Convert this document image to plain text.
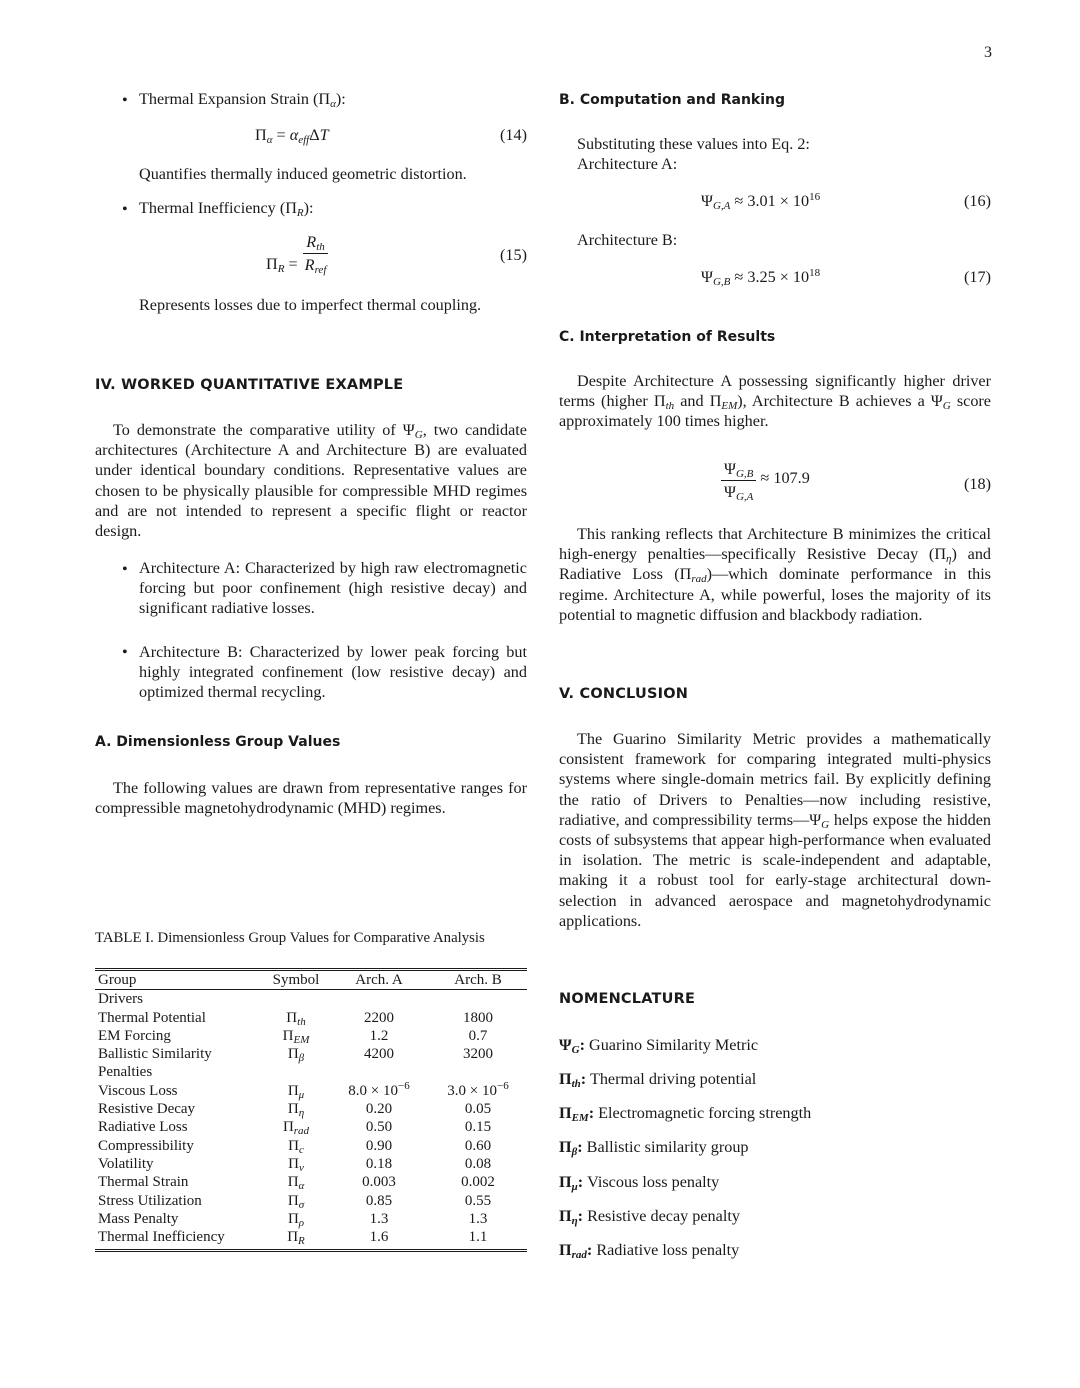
3
• Thermal Expansion Strain $(\Pi_\alpha)$:
$\Pi_\alpha = \alpha_{eff}\Delta T$	(14)
Quantifies thermally induced geometric distortion.
• Thermal Inefficiency $(\Pi_R)$:
$\Pi_R = \frac{R_{th}}{R_{ref}}$	(15)
Represents losses due to imperfect thermal coupling.
IV. WORKED QUANTITATIVE EXAMPLE
To demonstrate the comparative utility of $\Psi_G$, two candidate architectures (Architecture A and Architecture B) are evaluated under identical boundary conditions. Representative values are chosen to be physically plausible for compressible MHD regimes and are not intended to represent a specific flight or reactor design.
• Architecture A: Characterized by high raw electromagnetic forcing but poor confinement (high resistive decay) and significant radiative losses.
• Architecture B: Characterized by lower peak forcing but highly integrated confinement (low resistive decay) and optimized thermal recycling.
A. Dimensionless Group Values
The following values are drawn from representative ranges for compressible magnetohydrodynamic (MHD) regimes.
TABLE I. Dimensionless Group Values for Comparative Analysis
Group	Symbol	Arch. A	Arch. B

Drivers			
Thermal Potential	$\Pi_{th}$	2200	1800
EM Forcing	$\Pi_{EM}$	1.2	0.7
Ballistic Similarity	$\Pi_\beta$	4200	3200
Penalties			
Viscous Loss	$\Pi_\mu$	$8.0 \times 10^{-6}$	$3.0 \times 10^{-6}$
Resistive Decay	$\Pi_\eta$	0.20	0.05
Radiative Loss	$\Pi_{rad}$	0.50	0.15
Compressibility	$\Pi_c$	0.90	0.60
Volatility	$\Pi_v$	0.18	0.08
Thermal Strain	$\Pi_\alpha$	0.003	0.002
Stress Utilization	$\Pi_\sigma$	0.85	0.55
Mass Penalty	$\Pi_\rho$	1.3	1.3
Thermal Inefficiency	$\Pi_R$	1.6	1.1
B. Computation and Ranking
Substituting these values into Eq. 2:
Architecture A:
$\Psi_{G,A} \approx 3.01 \times 10^{16}$	(16)
Architecture B:
$\Psi_{G,B} \approx 3.25 \times 10^{18}$	(17)
C. Interpretation of Results
Despite Architecture A possessing significantly higher driver terms (higher $\Pi_{th}$ and $\Pi_{EM}$), Architecture B achieves a $\Psi_G$ score approximately 100 times higher.
$\frac{\Psi_{G,B}}{\Psi_{G,A}} \approx 107.9$	(18)
This ranking reflects that Architecture B minimizes the critical high-energy penalties—specifically Resistive Decay $(\Pi_\eta)$ and Radiative Loss $(\Pi_{rad})—which$ dominate performance in this regime. Architecture A, while powerful, loses the majority of its potential to magnetic diffusion and blackbody radiation.
V. CONCLUSION
The Guarino Similarity Metric provides a mathematically consistent framework for comparing integrated multi-physics systems where single-domain metrics fail. By explicitly defining the ratio of Drivers to Penalties—now including resistive, radiative, and compressibility $terms—\Psi_G$ helps expose the hidden costs of subsystems that appear high-performance when evaluated in isolation. The metric is scale-independent and adaptable, making it a robust tool for early-stage architectural down-selection in advanced aerospace and magnetohydrodynamic applications.
NOMENCLATURE
$\Psi_G$: Guarino Similarity Metric
$\Pi_{th}$: Thermal driving potential
$\Pi_{EM}$: Electromagnetic forcing strength
$\Pi_\beta$: Ballistic similarity group
$\Pi_\mu$: Viscous loss penalty
$\Pi_\eta$: Resistive decay penalty
$\Pi_{rad}$: Radiative loss penalty
